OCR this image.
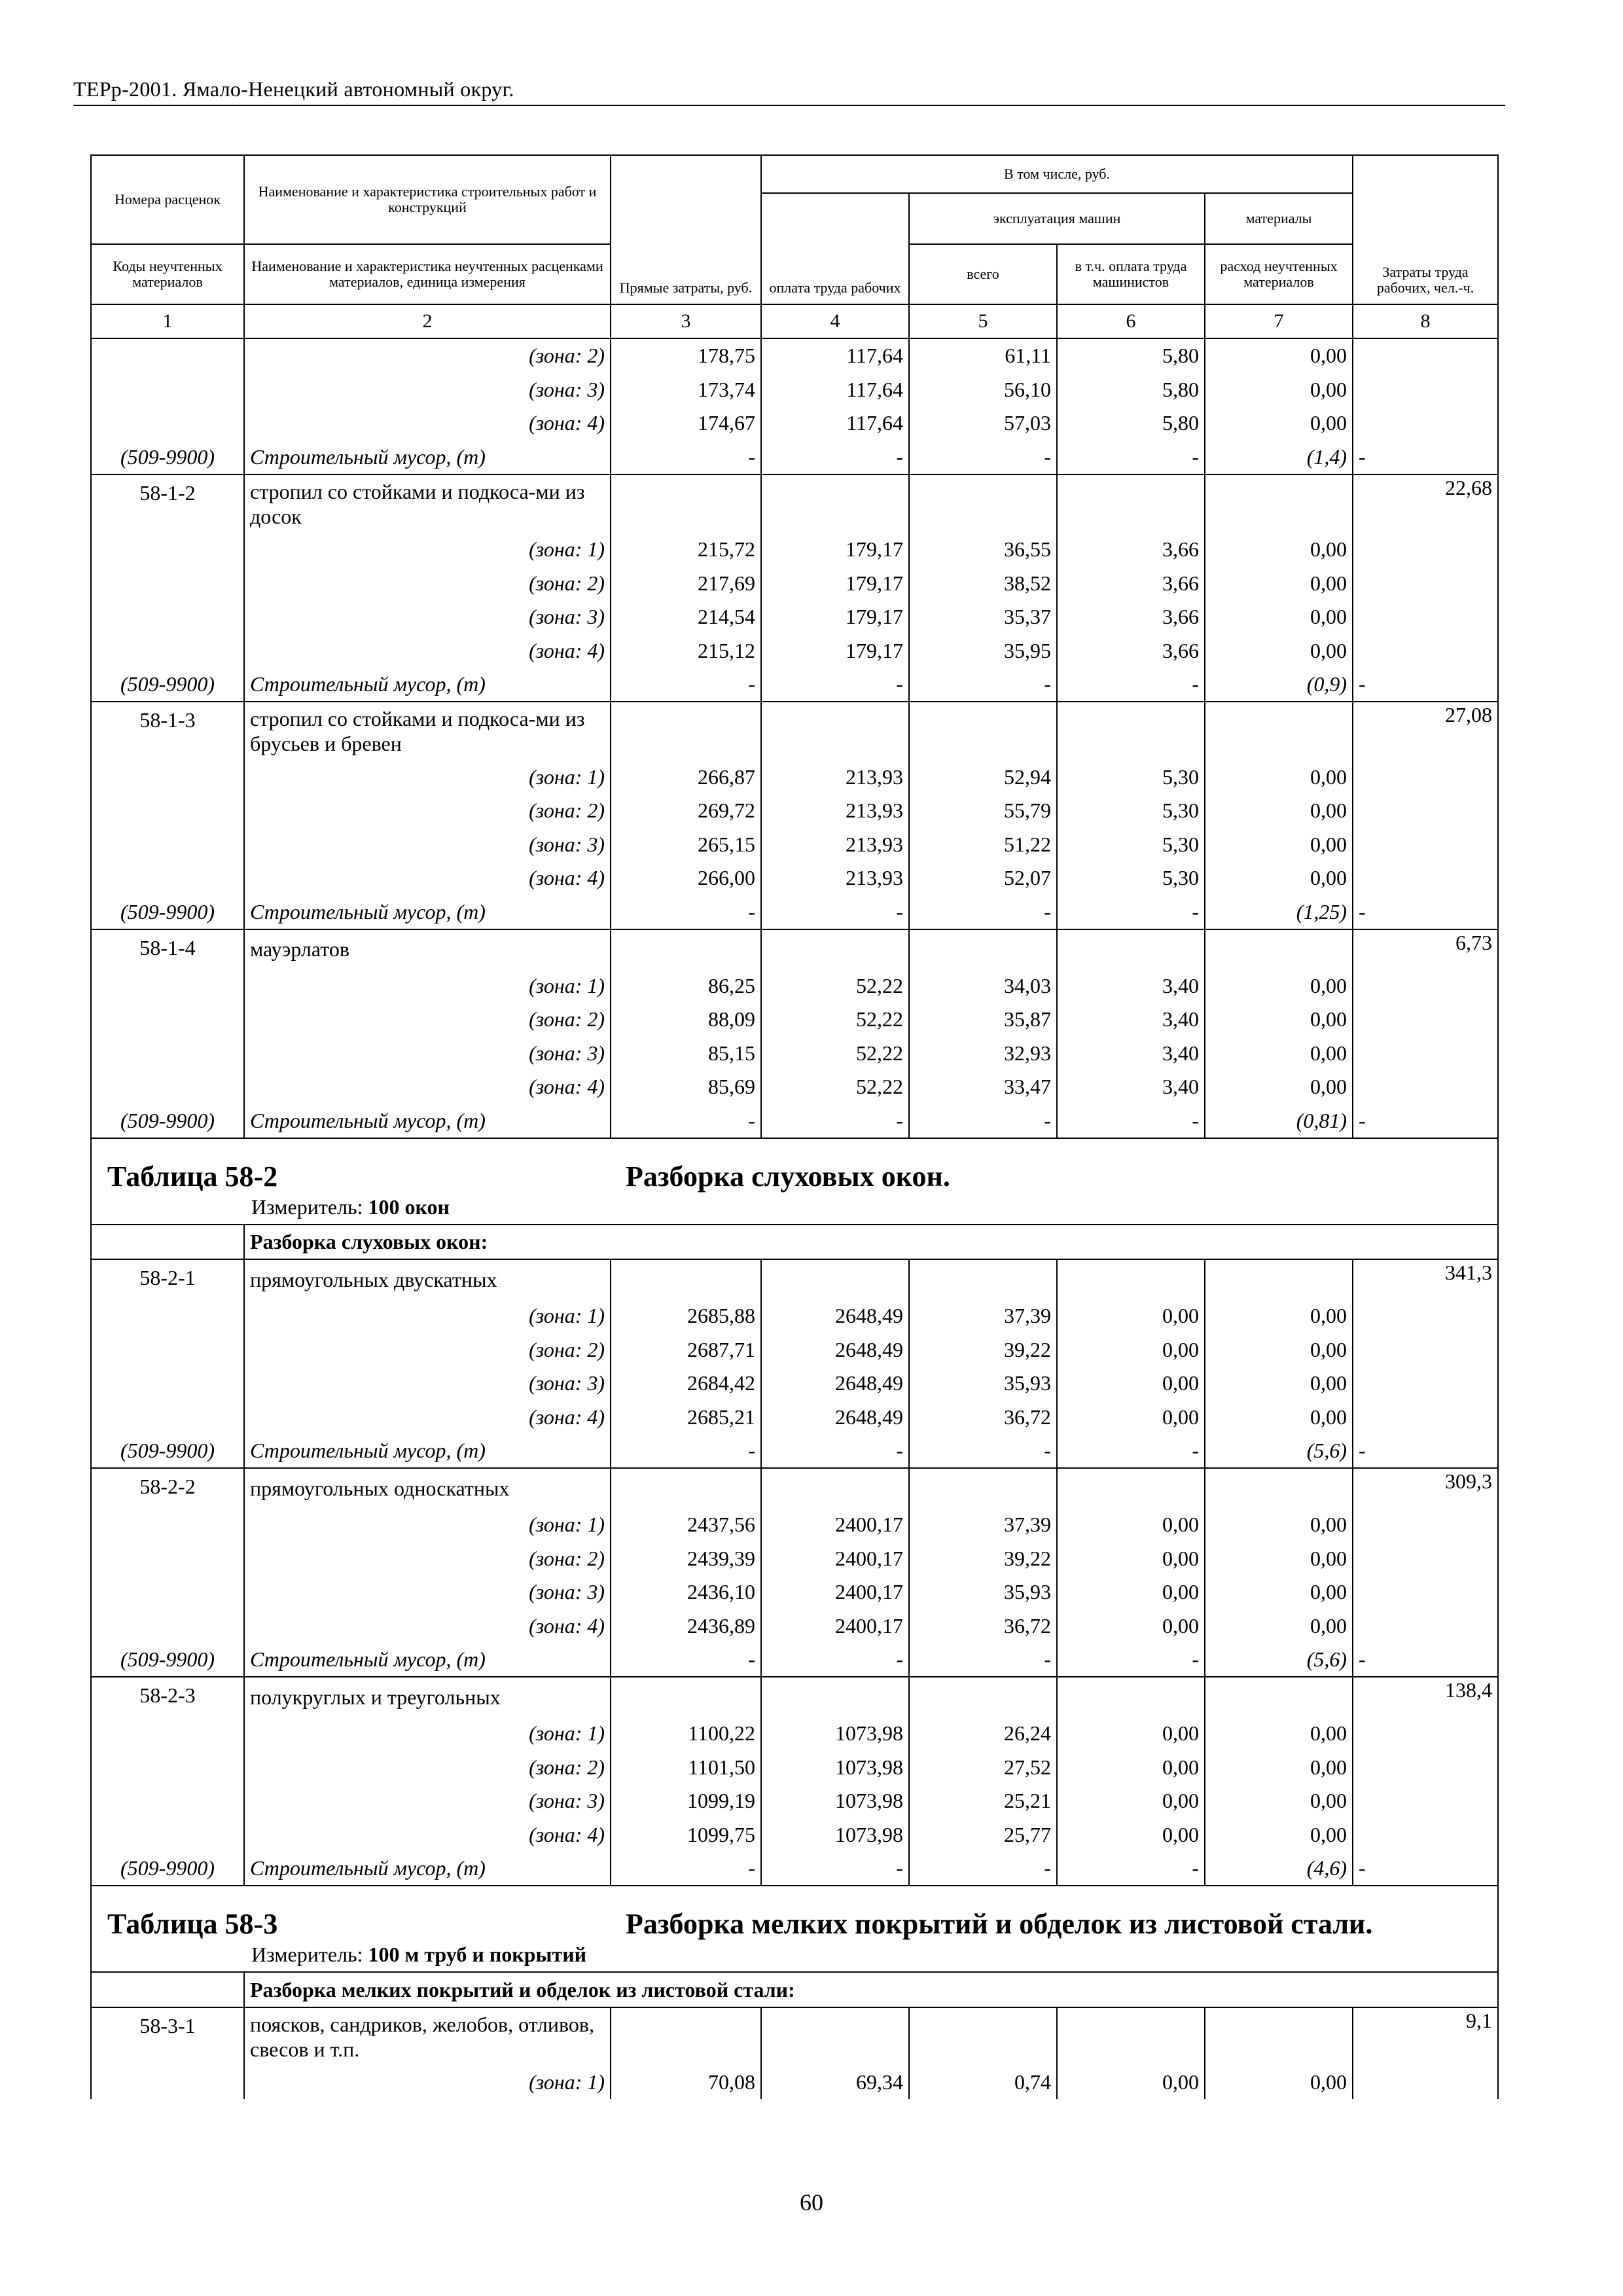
ТЕРр-2001. Ямало-Ненецкий автономный округ.
Номера расценок	Наименование и характеристика строительных работ и конструкций	Прямые затраты, руб.	В том числе, руб.				Затраты труда рабочих, чел.-ч.
			оплата труда рабочих	эксплуатация машин		материалы	
Коды неучтенных материалов	Наименование и характеристика неучтенных расценками материалов, единица измерения			всего	в т.ч. оплата труда машинистов	расход неучтенных материалов	
1	2	3	4	5	6	7	8
	(зона: 2)	178,75	117,64	61,11	5,80	0,00	
	(зона: 3)	173,74	117,64	56,10	5,80	0,00	
	(зона: 4)	174,67	117,64	57,03	5,80	0,00	
(509-9900)	Строительный мусор, (т)	-	-	-	-	(1,4)	-
58-1-2	стропил со стойками и подкоса-ми из досок						22,68
	(зона: 1)	215,72	179,17	36,55	3,66	0,00	
	(зона: 2)	217,69	179,17	38,52	3,66	0,00	
	(зона: 3)	214,54	179,17	35,37	3,66	0,00	
	(зона: 4)	215,12	179,17	35,95	3,66	0,00	
(509-9900)	Строительный мусор, (т)	-	-	-	-	(0,9)	-
58-1-3	стропил со стойками и подкоса-ми из брусьев и бревен						27,08
	(зона: 1)	266,87	213,93	52,94	5,30	0,00	
	(зона: 2)	269,72	213,93	55,79	5,30	0,00	
	(зона: 3)	265,15	213,93	51,22	5,30	0,00	
	(зона: 4)	266,00	213,93	52,07	5,30	0,00	
(509-9900)	Строительный мусор, (т)	-	-	-	-	(1,25)	-
58-1-4	мауэрлатов						6,73
	(зона: 1)	86,25	52,22	34,03	3,40	0,00	
	(зона: 2)	88,09	52,22	35,87	3,40	0,00	
	(зона: 3)	85,15	52,22	32,93	3,40	0,00	
	(зона: 4)	85,69	52,22	33,47	3,40	0,00	
(509-9900)	Строительный мусор, (т)	-	-	-	-	(0,81)	-

Таблица 58-2 Разборка слуховых окон.
Измеритель: 100 окон							

	Разборка слуховых окон:						
58-2-1	прямоугольных двускатных						341,3
	(зона: 1)	2685,88	2648,49	37,39	0,00	0,00	
	(зона: 2)	2687,71	2648,49	39,22	0,00	0,00	
	(зона: 3)	2684,42	2648,49	35,93	0,00	0,00	
	(зона: 4)	2685,21	2648,49	36,72	0,00	0,00	
(509-9900)	Строительный мусор, (т)	-	-	-	-	(5,6)	-
58-2-2	прямоугольных односкатных						309,3
	(зона: 1)	2437,56	2400,17	37,39	0,00	0,00	
	(зона: 2)	2439,39	2400,17	39,22	0,00	0,00	
	(зона: 3)	2436,10	2400,17	35,93	0,00	0,00	
	(зона: 4)	2436,89	2400,17	36,72	0,00	0,00	
(509-9900)	Строительный мусор, (т)	-	-	-	-	(5,6)	-
58-2-3	полукруглых и треугольных						138,4
	(зона: 1)	1100,22	1073,98	26,24	0,00	0,00	
	(зона: 2)	1101,50	1073,98	27,52	0,00	0,00	
	(зона: 3)	1099,19	1073,98	25,21	0,00	0,00	
	(зона: 4)	1099,75	1073,98	25,77	0,00	0,00	
(509-9900)	Строительный мусор, (т)	-	-	-	-	(4,6)	-

Таблица 58-3 Разборка мелких покрытий и обделок из листовой стали.
Измеритель: 100 м труб и покрытий							

	Разборка мелких покрытий и обделок из листовой стали:						
58-3-1	поясков, сандриков, желобов, отливов, свесов и т.п.						9,1
	(зона: 1)	70,08	69,34	0,74	0,00	0,00	
60
